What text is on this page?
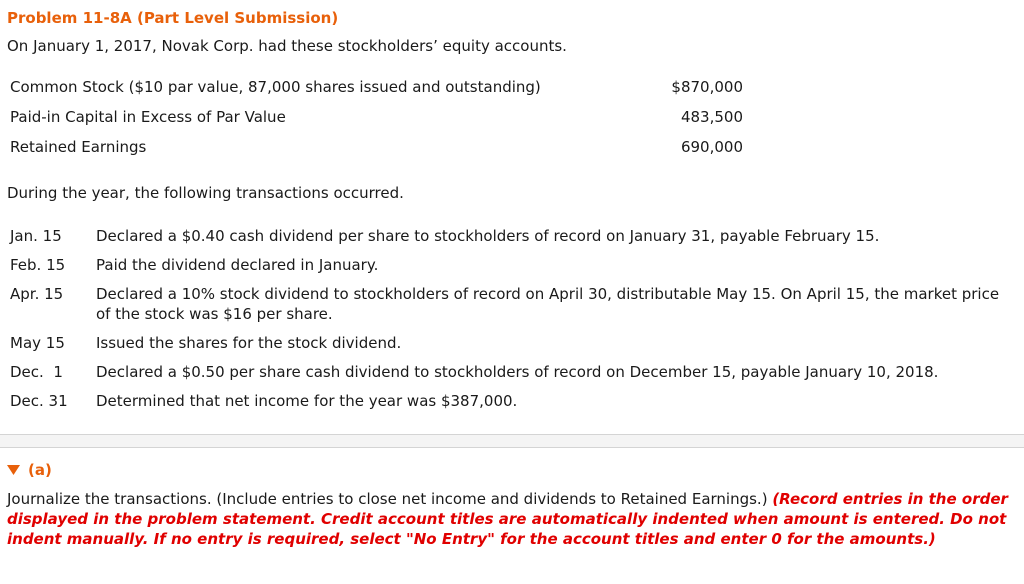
Problem 11-8A (Part Level Submission)
On January 1, 2017, Novak Corp. had these stockholders’ equity accounts.
Common Stock ($10 par value, 87,000 shares issued and outstanding)	$870,000
Paid-in Capital in Excess of Par Value	483,500
Retained Earnings	690,000
During the year, the following transactions occurred.
Jan. 15	Declared a $0.40 cash dividend per share to stockholders of record on January 31, payable February 15.
Feb. 15	Paid the dividend declared in January.
Apr. 15	Declared a 10% stock dividend to stockholders of record on April 30, distributable May 15. On April 15, the market price of the stock was $16 per share.
May 15	Issued the shares for the stock dividend.
Dec.  1	Declared a $0.50 per share cash dividend to stockholders of record on December 15, payable January 10, 2018.
Dec. 31	Determined that net income for the year was $387,000.
(a)
Journalize the transactions. (Include entries to close net income and dividends to Retained Earnings.) (Record entries in the order displayed in the problem statement. Credit account titles are automatically indented when amount is entered. Do not indent manually. If no entry is required, select "No Entry" for the account titles and enter 0 for the amounts.)
